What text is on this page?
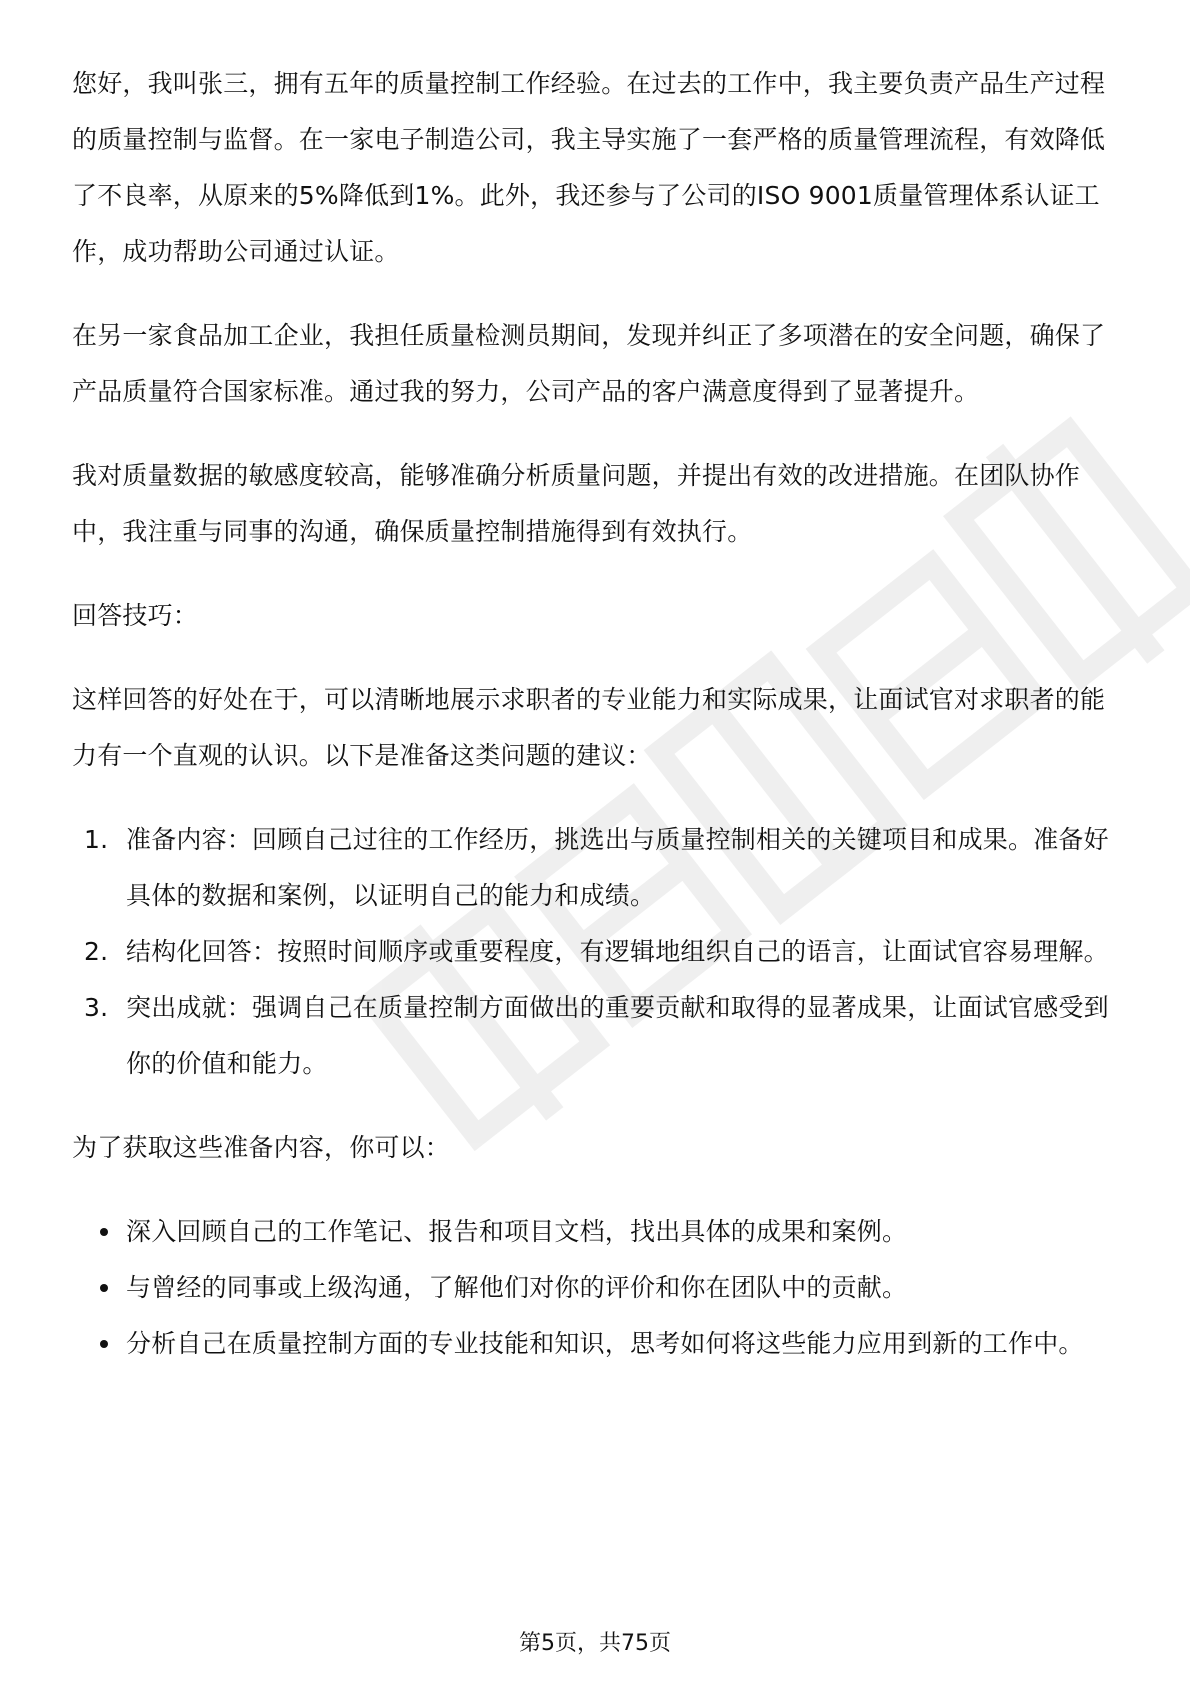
您好，我叫张三，拥有五年的质量控制工作经验。在过去的工作中，我主要负责产品生产过程的质量控制与监督。在一家电子制造公司，我主导实施了一套严格的质量管理流程，有效降低了不良率，从原来的5%降低到1%。此外，我还参与了公司的ISO 9001质量管理体系认证工作，成功帮助公司通过认证。

在另一家食品加工企业，我担任质量检测员期间，发现并纠正了多项潜在的安全问题，确保了产品质量符合国家标准。通过我的努力，公司产品的客户满意度得到了显著提升。

我对质量数据的敏感度较高，能够准确分析质量问题，并提出有效的改进措施。在团队协作中，我注重与同事的沟通，确保质量控制措施得到有效执行。

回答技巧：

这样回答的好处在于，可以清晰地展示求职者的专业能力和实际成果，让面试官对求职者的能力有一个直观的认识。以下是准备这类问题的建议：

1. 准备内容：回顾自己过往的工作经历，挑选出与质量控制相关的关键项目和成果。准备好具体的数据和案例，以证明自己的能力和成绩。
2. 结构化回答：按照时间顺序或重要程度，有逻辑地组织自己的语言，让面试官容易理解。
3. 突出成就：强调自己在质量控制方面做出的重要贡献和取得的显著成果，让面试官感受到你的价值和能力。

为了获取这些准备内容，你可以：

深入回顾自己的工作笔记、报告和项目文档，找出具体的成果和案例。
与曾经的同事或上级沟通，了解他们对你的评价和你在团队中的贡献。
分析自己在质量控制方面的专业技能和知识，思考如何将这些能力应用到新的工作中。
第5页，共75页
